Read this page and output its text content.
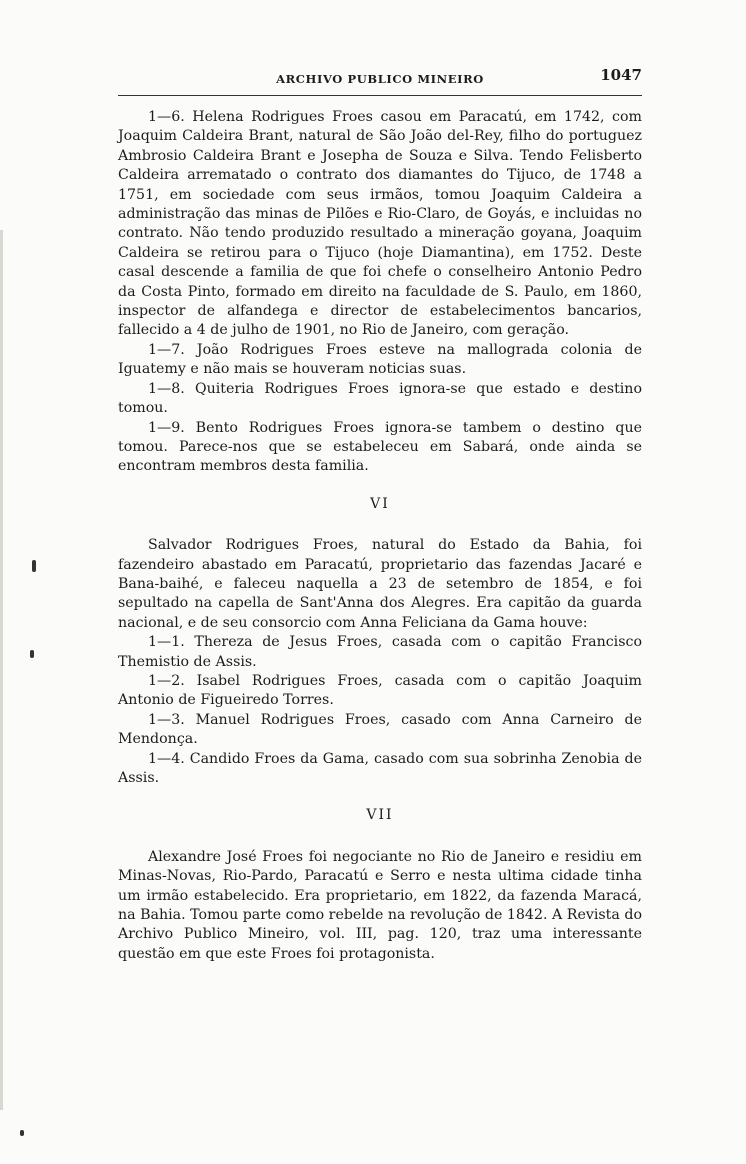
ARCHIVO PUBLICO MINEIRO	1047

1—6. Helena Rodrigues Froes casou em Paracatú, em 1742, com Joaquim Caldeira Brant, natural de São João del-Rey, filho do portuguez Ambrosio Caldeira Brant e Josepha de Souza e Silva. Tendo Felisberto Caldeira arrematado o contrato dos diamantes do Tijuco, de 1748 a 1751, em sociedade com seus irmãos, tomou Joaquim Caldeira a administração das minas de Pilões e Rio-Claro, de Goyás, e incluidas no contrato. Não tendo produzido resultado a mineração goyana, Joaquim Caldeira se retirou para o Tijuco (hoje Diamantina), em 1752. Deste casal descende a familia de que foi chefe o conselheiro Antonio Pedro da Costa Pinto, formado em direito na faculdade de S. Paulo, em 1860, inspector de alfandega e director de estabelecimentos bancarios, fallecido a 4 de julho de 1901, no Rio de Janeiro, com geração.

1—7. João Rodrigues Froes esteve na mallograda colonia de Iguatemy e não mais se houveram noticias suas.

1—8. Quiteria Rodrigues Froes ignora-se que estado e destino tomou.

1—9. Bento Rodrigues Froes ignora-se tambem o destino que tomou. Parece-nos que se estabeleceu em Sabará, onde ainda se encontram membros desta familia.

VI

Salvador Rodrigues Froes, natural do Estado da Bahia, foi fazendeiro abastado em Paracatú, proprietario das fazendas Jacaré e Bana-baihé, e faleceu naquella a 23 de setembro de 1854, e foi sepultado na capella de Sant'Anna dos Alegres. Era capitão da guarda nacional, e de seu consorcio com Anna Feliciana da Gama houve:

1—1. Thereza de Jesus Froes, casada com o capitão Francisco Themistio de Assis.

1—2. Isabel Rodrigues Froes, casada com o capitão Joaquim Antonio de Figueiredo Torres.

1—3. Manuel Rodrigues Froes, casado com Anna Carneiro de Mendonça.

1—4. Candido Froes da Gama, casado com sua sobrinha Zenobia de Assis.

VII

Alexandre José Froes foi negociante no Rio de Janeiro e residiu em Minas-Novas, Rio-Pardo, Paracatú e Serro e nesta ultima cidade tinha um irmão estabelecido. Era proprietario, em 1822, da fazenda Maracá, na Bahia. Tomou parte como rebelde na revolução de 1842. A Revista do Archivo Publico Mineiro, vol. III, pag. 120, traz uma interessante questão em que este Froes foi protagonista.
